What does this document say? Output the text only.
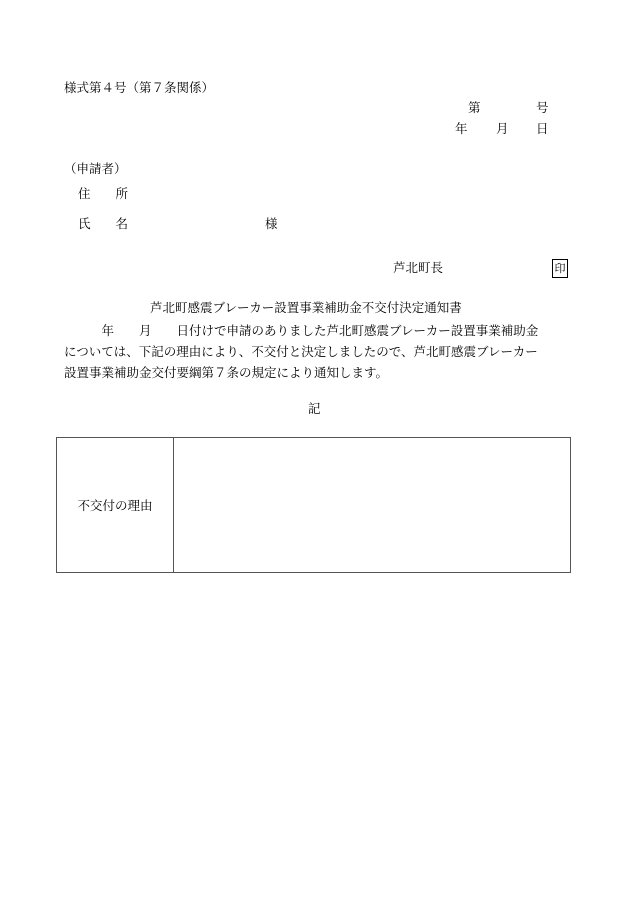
様式第４号（第７条関係）
第	号
年 月 日
（申請者）
住　　所
氏　　名	様
芦北町長	印
芦北町感震ブレーカー設置事業補助金不交付決定通知書
　　　年　　月　　日付けで申請のありました芦北町感震ブレーカー設置事業補助金
については、下記の理由により、不交付と決定しましたので、芦北町感震ブレーカー
設置事業補助金交付要綱第７条の規定により通知します。
記
不交付の理由
